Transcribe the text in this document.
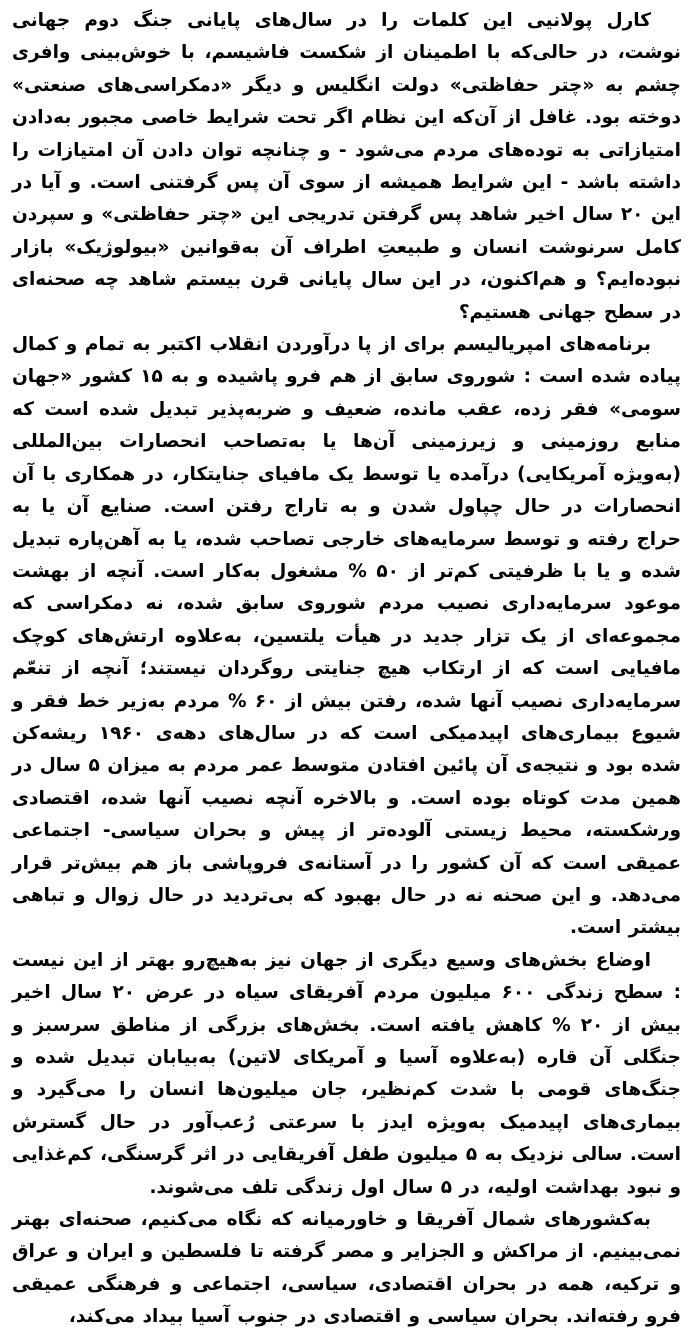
کارل پولانیی این کلمات را در سال‌های پایانی جنگ دوم جهانی نوشت، در حالی‌که با اطمینان از شکست فاشیسم، با خوش‌بینی وافری چشم به «چتر حفاظتی» دولت انگلیس و دیگر «دمکراسی‌های صنعتی» دوخته بود. غافل از آن‌که این نظام اگر تحت شرایط خاصی مجبور به‌دادن امتیازاتی به توده‌های مردم می‌شود - و چنانچه توان دادن آن امتیازات را داشته باشد - این شرایط همیشه از سوی آن پس گرفتنی است. و آیا در این ۲۰ سال اخیر شاهد پس گرفتن تدریجی این «چتر حفاظتی» و سپردن کامل سرنوشت انسان و طبیعتِ اطراف آن به‌قوانین «بیولوژیک» بازار نبوده‌ایم؟ و هم‌اکنون، در این سال پایانی قرن بیستم شاهد چه صحنه‌ای در سطح جهانی هستیم؟

برنامه‌های امپریالیسم برای از پا درآوردن انقلاب اکتبر به تمام و کمال پیاده شده است : شوروی سابق از هم فرو پاشیده و به ۱۵ کشور «جهان سومی» فقر زده، عقب مانده، ضعیف و ضربه‌پذیر تبدیل شده است که منابع روزمینی و زیرزمینی آن‌ها یا به‌تصاحب انحصارات بین‌المللی (به‌ویژه آمریکایی) درآمده یا توسط یک مافیای جنایتکار، در همکاری با آن انحصارات در حال چپاول شدن و به تاراج رفتن است. صنایع آن یا به حراج رفته و توسط سرمایه‌های خارجی تصاحب شده، یا به آهن‌پاره تبدیل شده و یا با ظرفیتی کم‌تر از ۵۰ % مشغول به‌کار است. آنچه از بهشت موعود سرمایه‌داری نصیب مردم شوروی سابق شده، نه دمکراسی که مجموعه‌ای از یک تزار جدید در هیأت یلتسین، به‌علاوه ارتش‌های کوچک مافیایی است که از ارتکاب هیچ جنایتی روگردان نیستند؛ آنچه از تنعّم سرمایه‌داری نصیب آنها شده، رفتن بیش از ۶۰ % مردم به‌زیر خط فقر و شیوع بیماری‌های اپیدمیکی است که در سال‌های دهه‌ی ۱۹۶۰ ریشه‌کن شده بود و نتیجه‌ی آن پائین افتادن متوسط عمر مردم به میزان ۵ سال در همین مدت کوتاه بوده است. و بالاخره آنچه نصیب آنها شده، اقتصادی ورشکسته، محیط زیستی آلوده‌تر از پیش و بحران سیاسی- اجتماعی عمیقی است که آن کشور را در آستانه‌ی فروپاشی باز هم بیش‌تر قرار می‌دهد. و این صحنه نه در حال بهبود که بی‌تردید در حال زوال و تباهی بیشتر است.

اوضاع بخش‌های وسیع دیگری از جهان نیز به‌هیچ‌رو بهتر از این نیست : سطح زندگی ۶۰۰ میلیون مردم آفریقای سیاه در عرض ۲۰ سال اخیر بیش از ۲۰ % کاهش یافته است. بخش‌های بزرگی از مناطق سرسبز و جنگلی آن قاره (به‌علاوه آسیا و آمریکای لاتین) به‌بیابان تبدیل شده و جنگ‌های قومی با شدت کم‌نظیر، جان میلیون‌ها انسان را می‌گیرد و بیماری‌های اپیدمیک به‌ویژه ایدز با سرعتی رُعب‌آور در حال گسترش است. سالی نزدیک به ۵ میلیون طفل آفریقایی در اثر گرسنگی، کم‌غذایی و نبود بهداشت اولیه، در ۵ سال اول زندگی تلف می‌شوند.

به‌کشورهای شمال آفریقا و خاورمیانه که نگاه می‌کنیم، صحنه‌ای بهتر نمی‌بینیم. از مراکش و الجزایر و مصر گرفته تا فلسطین و ایران و عراق و ترکیه، همه در بحران اقتصادی، سیاسی، اجتماعی و فرهنگی عمیقی فرو رفته‌اند. بحران سیاسی و اقتصادی در جنوب آسیا بیداد می‌کند،
